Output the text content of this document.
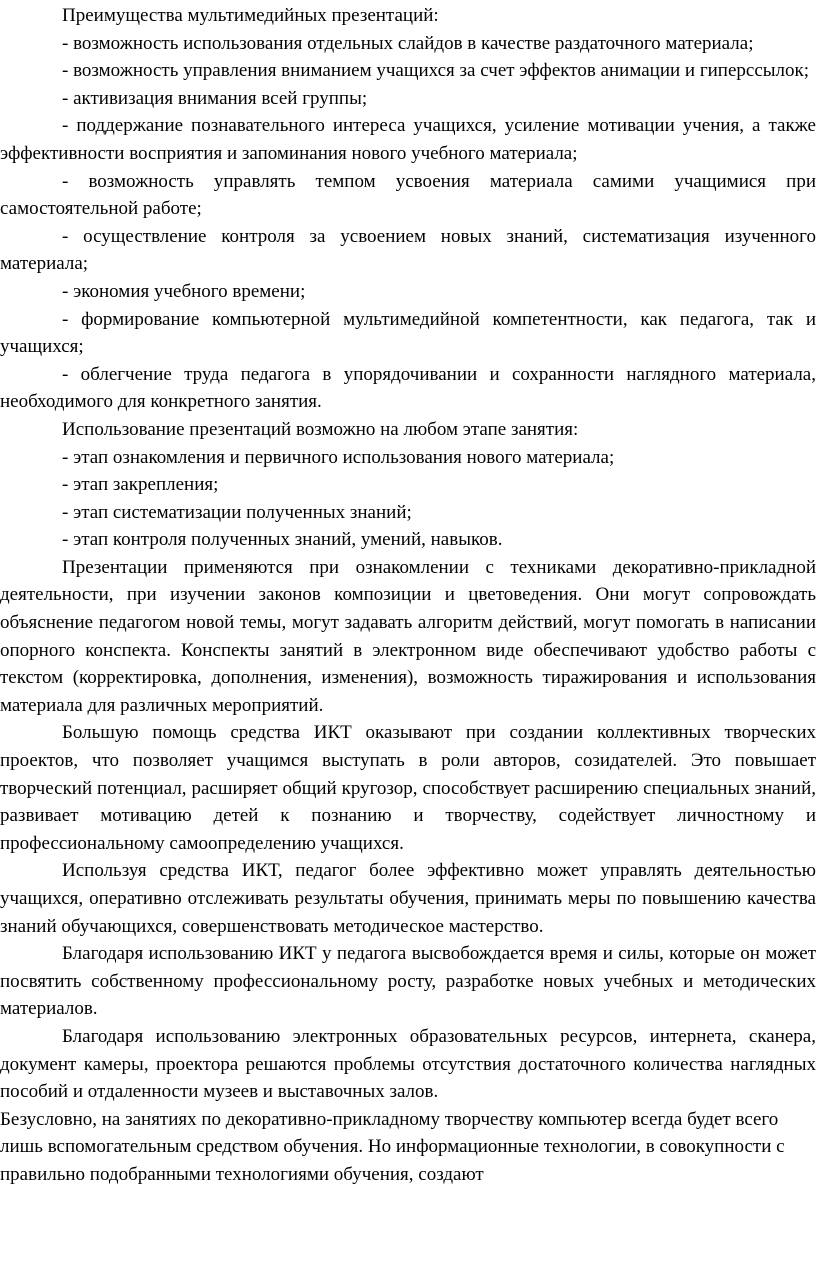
Преимущества мультимедийных презентаций:

- возможность использования отдельных слайдов в качестве раздаточного материала;

- возможность управления вниманием учащихся за счет эффектов анимации и гиперссылок;

- активизация внимания всей группы;

- поддержание познавательного интереса учащихся, усиление мотивации учения, а также эффективности восприятия и запоминания нового учебного материала;

- возможность управлять темпом усвоения материала самими учащимися при самостоятельной работе;

- осуществление контроля за усвоением новых знаний, систематизация изученного материала;

- экономия учебного времени;

- формирование компьютерной мультимедийной компетентности, как педагога, так и учащихся;

- облегчение труда педагога в упорядочивании и сохранности наглядного материала, необходимого для конкретного занятия.

Использование презентаций возможно на любом этапе занятия:

- этап ознакомления и первичного использования нового материала;

- этап закрепления;

- этап систематизации полученных знаний;

- этап контроля полученных знаний, умений, навыков.

Презентации применяются при ознакомлении с техниками декоративно-прикладной деятельности, при изучении законов композиции и цветоведения. Они могут сопровождать объяснение педагогом новой темы, могут задавать алгоритм действий, могут помогать в написании опорного конспекта. Конспекты занятий в электронном виде обеспечивают удобство работы с текстом (корректировка, дополнения, изменения), возможность тиражирования и использования материала для различных мероприятий.

Большую помощь средства ИКТ оказывают при создании коллективных творческих проектов, что позволяет учащимся выступать в роли авторов, созидателей. Это повышает творческий потенциал, расширяет общий кругозор, способствует расширению специальных знаний, развивает мотивацию детей к познанию и творчеству, содействует личностному и профессиональному самоопределению учащихся.

Используя средства ИКТ, педагог более эффективно может управлять деятельностью учащихся, оперативно отслеживать результаты обучения, принимать меры по повышению качества знаний обучающихся, совершенствовать методическое мастерство.

Благодаря использованию ИКТ у педагога высвобождается время и силы, которые он может посвятить собственному профессиональному росту, разработке новых учебных и методических материалов.

Благодаря использованию электронных образовательных ресурсов, интернета, сканера, документ камеры, проектора решаются проблемы отсутствия достаточного количества наглядных пособий и отдаленности музеев и выставочных залов.

Безусловно, на занятиях по декоративно-прикладному творчеству компьютер всегда будет всего лишь вспомогательным средством обучения. Но информационные технологии, в совокупности с правильно подобранными технологиями обучения, создают
